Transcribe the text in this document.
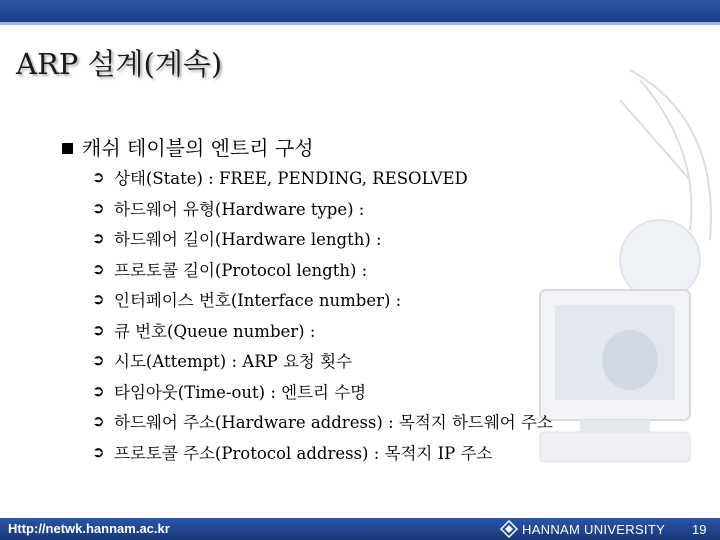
ARP 설계(계속)
캐쉬 테이블의 엔트리 구성
➲ 상태(State) : FREE, PENDING, RESOLVED
➲ 하드웨어 유형(Hardware type) :
➲ 하드웨어 길이(Hardware length) :
➲ 프로토콜 길이(Protocol length) :
➲ 인터페이스 번호(Interface number) :
➲ 큐 번호(Queue number) :
➲ 시도(Attempt) : ARP 요청 횟수
➲ 타임아웃(Time-out) : 엔트리 수명
➲ 하드웨어 주소(Hardware address) : 목적지 하드웨어 주소
➲ 프로토콜 주소(Protocol address) : 목적지 IP 주소
Http://netwk.hannam.ac.kr	HANNAM UNIVERSITY 19
